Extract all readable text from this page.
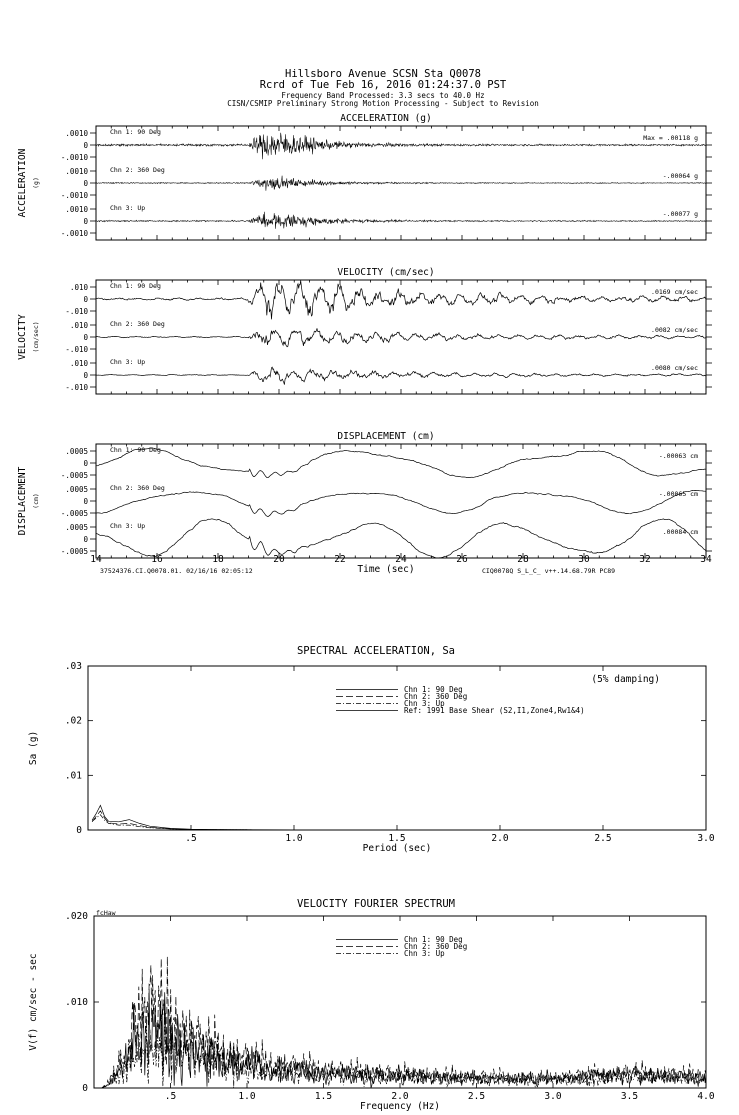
Hillsboro Avenue SCSN Sta Q0078
Rcrd of Tue Feb 16, 2016 01:24:37.0 PST
Frequency Band Processed: 3.3 secs to 40.0 Hz
CISN/CSMIP Preliminary Strong Motion Processing - Subject to Revision
ACCELERATION (g)
ACCELERATION (g)
.0010
0
-.0010
Chn 1: 90 Deg
Max = .00118 g
.0010
0
-.0010
Chn 2: 360 Deg
-.00064 g
.0010
0
-.0010
Chn 3: Up
-.00077 g
VELOCITY (cm/sec)
VELOCITY (cm/sec)
.010
0
-.010
Chn 1: 90 Deg
.0169 cm/sec
.010
0
-.010
Chn 2: 360 Deg
.0082 cm/sec
.010
0
-.010
Chn 3: Up
.0080 cm/sec
DISPLACEMENT (cm)
DISPLACEMENT (cm)
.0005
0
-.0005
Chn 1: 90 Deg
-.00063 cm
.0005
0
-.0005
Chn 2: 360 Deg
-.00065 cm
.0005
0
-.0005
Chn 3: Up
.00084 cm
14	16	18	20	22	24	26	28	30	32	34
Time (sec)
37524376.CI.Q0078.01. 02/16/16 02:05:12	CIQ0078Q S_L_C_ v++.14.68.79R PC89
SPECTRAL ACCELERATION, Sa
(5% damping)
Sa (g)
Period (sec)
.5	1.0	1.5	2.0	2.5	3.0
0
.01
.02
.03
Chn 1: 90 Deg
Chn 2: 360 Deg
Chn 3: Up
Ref: 1991 Base Shear (S2,I1,Zone4,Rw1&4)
VELOCITY FOURIER SPECTRUM
fcHaw
V(f) cm/sec - sec
Frequency (Hz)
.5	1.0	1.5	2.0	2.5	3.0	3.5	4.0
0
.010
.020
Chn 1: 90 Deg
Chn 2: 360 Deg
Chn 3: Up
